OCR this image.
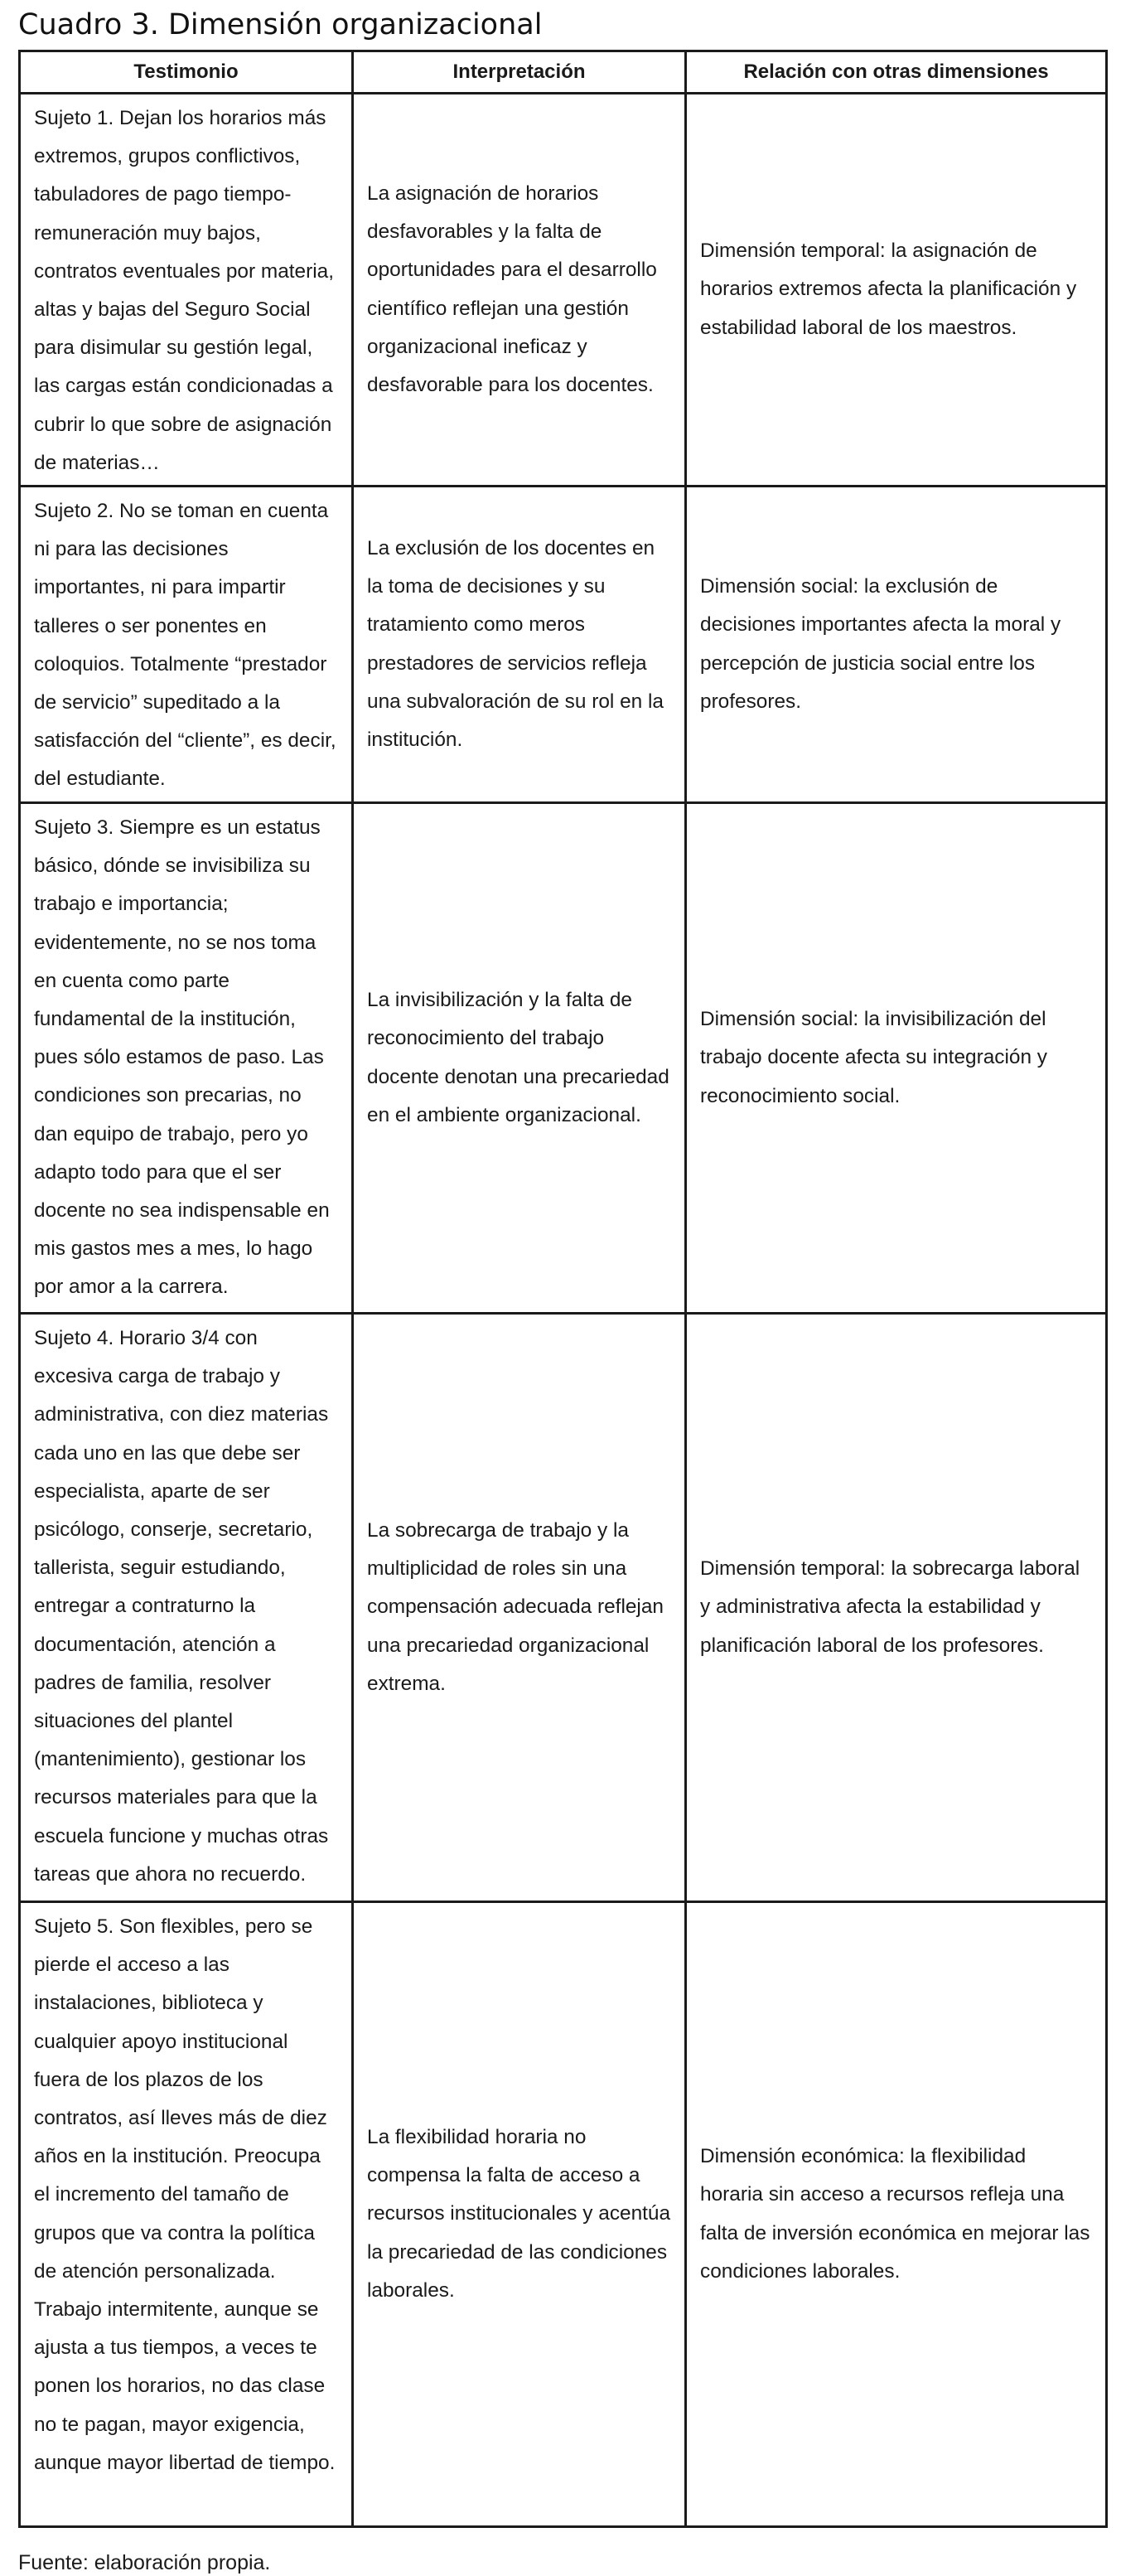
Cuadro 3. Dimensión organizacional
Testimonio	Interpretación	Relación con otras dimensiones

Sujeto 1. Dejan los horarios más extremos, grupos conflictivos, tabuladores de pago tiempo-remuneración muy bajos, contratos eventuales por materia, altas y bajas del Seguro Social para disimular su gestión legal, las cargas están condicionadas a cubrir lo que sobre de asignación de materias…	La asignación de horarios desfavorables y la falta de oportunidades para el desarrollo científico reflejan una gestión organizacional ineficaz y desfavorable para los docentes.	Dimensión temporal: la asignación de horarios extremos afecta la planificación y estabilidad laboral de los maestros.

Sujeto 2. No se toman en cuenta ni para las decisiones importantes, ni para impartir talleres o ser ponentes en coloquios. Totalmente “prestador de servicio” supeditado a la satisfacción del “cliente”, es decir, del estudiante.	La exclusión de los docentes en la toma de decisiones y su tratamiento como meros prestadores de servicios refleja una subvaloración de su rol en la institución.	Dimensión social: la exclusión de decisiones importantes afecta la moral y percepción de justicia social entre los profesores.

Sujeto 3. Siempre es un estatus básico, dónde se invisibiliza su trabajo e importancia; evidentemente, no se nos toma en cuenta como parte fundamental de la institución, pues sólo estamos de paso. Las condiciones son precarias, no dan equipo de trabajo, pero yo adapto todo para que el ser docente no sea indispensable en mis gastos mes a mes, lo hago por amor a la carrera.	La invisibilización y la falta de reconocimiento del trabajo docente denotan una precariedad en el ambiente organizacional.	Dimensión social: la invisibilización del trabajo docente afecta su integración y reconocimiento social.

Sujeto 4. Horario 3/4 con excesiva carga de trabajo y administrativa, con diez materias cada uno en las que debe ser especialista, aparte de ser psicólogo, conserje, secretario, tallerista, seguir estudiando, entregar a contraturno la documentación, atención a padres de familia, resolver situaciones del plantel (mantenimiento), gestionar los recursos materiales para que la escuela funcione y muchas otras tareas que ahora no recuerdo.	La sobrecarga de trabajo y la multiplicidad de roles sin una compensación adecuada reflejan una precariedad organizacional extrema.	Dimensión temporal: la sobrecarga laboral y administrativa afecta la estabilidad y planificación laboral de los profesores.

Sujeto 5. Son flexibles, pero se pierde el acceso a las instalaciones, biblioteca y cualquier apoyo institucional fuera de los plazos de los contratos, así lleves más de diez años en la institución. Preocupa el incremento del tamaño de grupos que va contra la política de atención personalizada. Trabajo intermitente, aunque se ajusta a tus tiempos, a veces te ponen los horarios, no das clase no te pagan, mayor exigencia, aunque mayor libertad de tiempo.	La flexibilidad horaria no compensa la falta de acceso a recursos institucionales y acentúa la precariedad de las condiciones laborales.	Dimensión económica: la flexibilidad horaria sin acceso a recursos refleja una falta de inversión económica en mejorar las condiciones laborales.
Fuente: elaboración propia.
